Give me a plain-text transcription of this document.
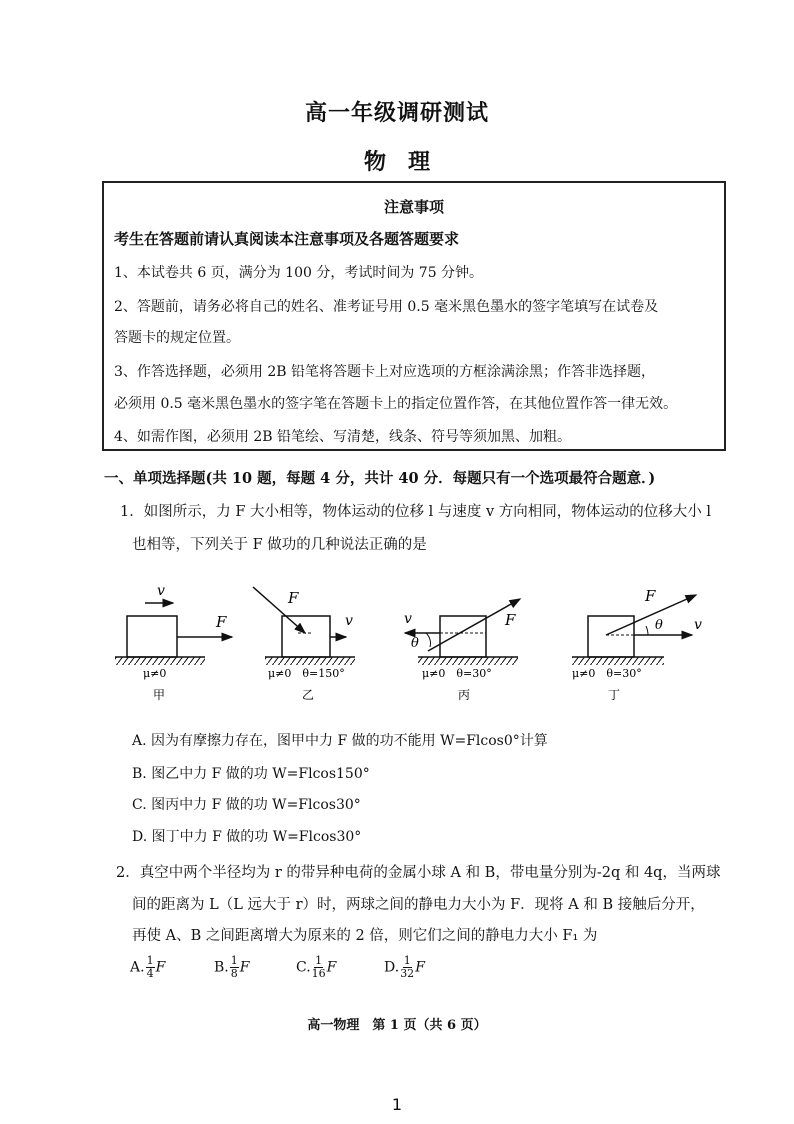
高一年级调研测试
物　理
注意事项
考生在答题前请认真阅读本注意事项及各题答题要求
1、本试卷共 6 页，满分为 100 分，考试时间为 75 分钟。
2、答题前，请务必将自己的姓名、准考证号用 0.5 毫米黑色墨水的签字笔填写在试卷及
答题卡的规定位置。
3、作答选择题，必须用 2B 铅笔将答题卡上对应选项的方框涂满涂黑；作答非选择题，
必须用 0.5 毫米黑色墨水的签字笔在答题卡上的指定位置作答，在其他位置作答一律无效。
4、如需作图，必须用 2B 铅笔绘、写清楚，线条、符号等须加黑、加粗。
一、单项选择题(共 10 题，每题 4 分，共计 40 分．每题只有一个选项最符合题意．)
1．如图所示，力 F 大小相等，物体运动的位移 l 与速度 v 方向相同，物体运动的位移大小 l
也相等，下列关于 F 做功的几种说法正确的是
v
F
μ≠0
甲
F
v
μ≠0　θ=150°
乙
v
θ
F
μ≠0　θ=30°
丙
F
θ v
μ≠0　θ=30°
丁
A. 因为有摩擦力存在，图甲中力 F 做的功不能用 W=Flcos0°计算
B. 图乙中力 F 做的功 W=Flcos150°
C. 图丙中力 F 做的功 W=Flcos30°
D. 图丁中力 F 做的功 W=Flcos30°
2．真空中两个半径均为 r 的带异种电荷的金属小球 A 和 B，带电量分别为-2q 和 4q，当两球
间的距离为 L（L 远大于 r）时，两球之间的静电力大小为 F．现将 A 和 B 接触后分开，
再使 A、B 之间距离增大为原来的 2 倍，则它们之间的静电力大小 F₁ 为
A. $\frac{1}{4}$ F	B. $\frac{1}{8}$ F	C. $\frac{1}{16}$ F	D. $\frac{1}{32}$ F
高一物理　第 1 页（共 6 页）
1
